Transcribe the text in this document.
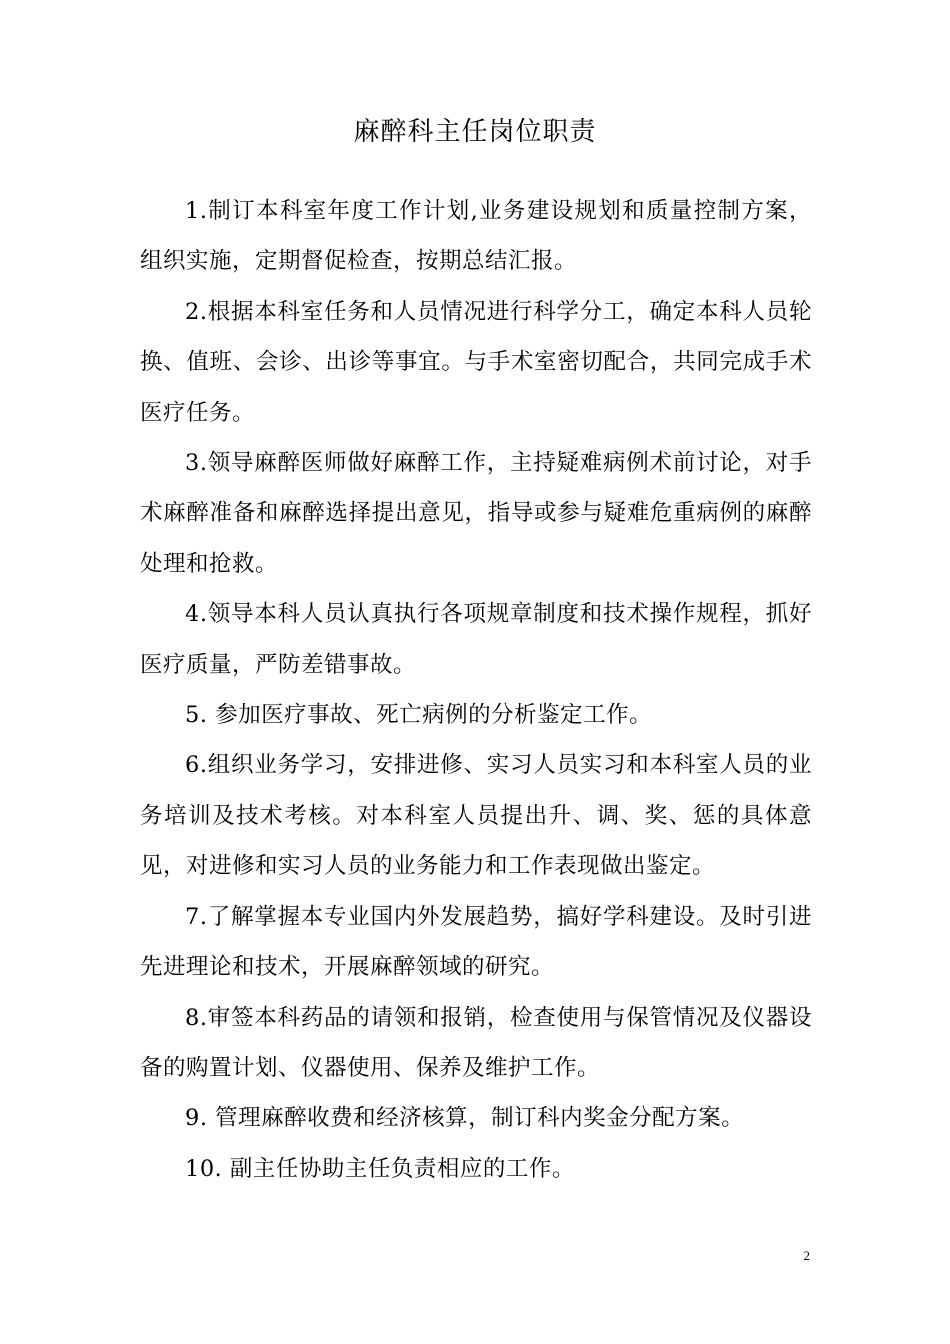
麻醉科主任岗位职责

1.制订本科室年度工作计划,业务建设规划和质量控制方案，组织实施，定期督促检查，按期总结汇报。

2.根据本科室任务和人员情况进行科学分工，确定本科人员轮换、值班、会诊、出诊等事宜。与手术室密切配合，共同完成手术医疗任务。

3.领导麻醉医师做好麻醉工作，主持疑难病例术前讨论，对手术麻醉准备和麻醉选择提出意见，指导或参与疑难危重病例的麻醉处理和抢救。

4.领导本科人员认真执行各项规章制度和技术操作规程，抓好医疗质量，严防差错事故。

5. 参加医疗事故、死亡病例的分析鉴定工作。

6.组织业务学习，安排进修、实习人员实习和本科室人员的业务培训及技术考核。对本科室人员提出升、调、奖、惩的具体意见，对进修和实习人员的业务能力和工作表现做出鉴定。

7.了解掌握本专业国内外发展趋势，搞好学科建设。及时引进先进理论和技术，开展麻醉领域的研究。

8.审签本科药品的请领和报销，检查使用与保管情况及仪器设备的购置计划、仪器使用、保养及维护工作。

9. 管理麻醉收费和经济核算，制订科内奖金分配方案。

10. 副主任协助主任负责相应的工作。

2
